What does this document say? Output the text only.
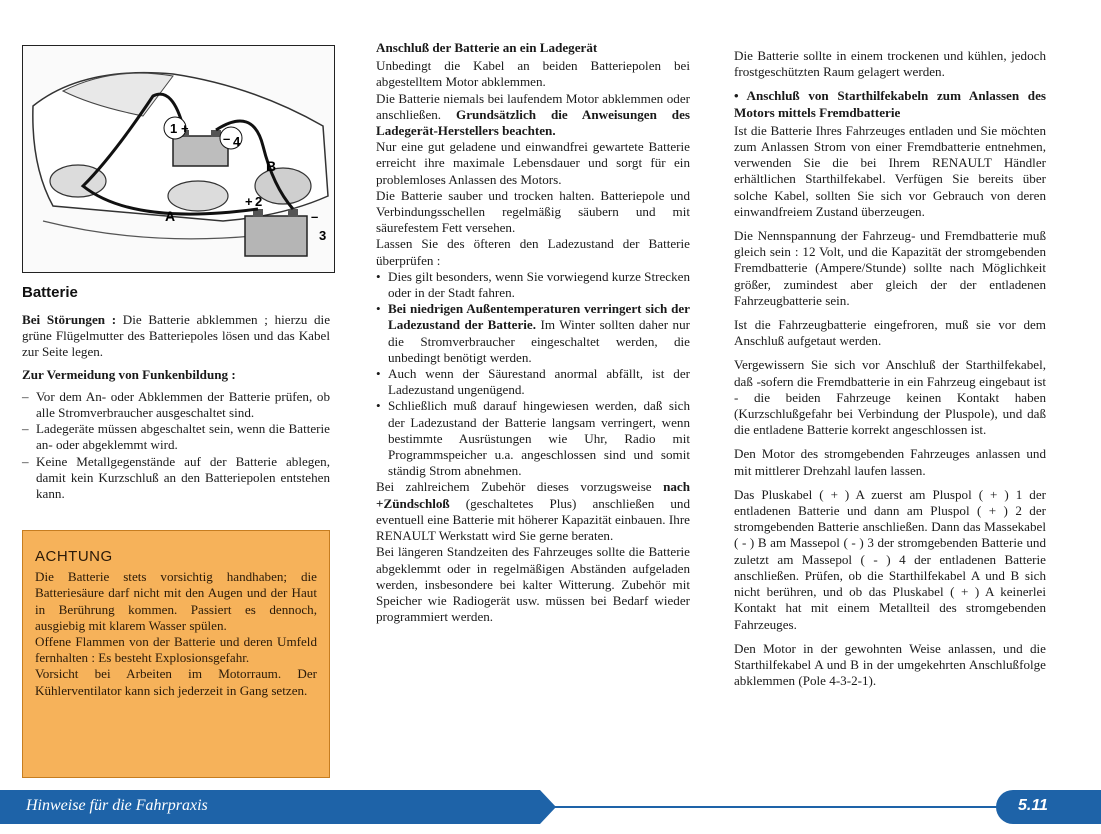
1 +
– 4
A
B
+ 2
–
3
Batterie

Bei Störungen : Die Batterie abklemmen ; hierzu die grüne Flügelmutter des Batteriepoles lösen und das Kabel zur Seite legen.

Zur Vermeidung von Funkenbildung :

– Vor dem An- oder Abklemmen der Batterie prüfen, ob alle Stromverbraucher ausgeschaltet sind.
– Ladegeräte müssen abgeschaltet sein, wenn die Batterie an- oder abgeklemmt wird.
– Keine Metallgegenstände auf der Batterie ablegen, damit kein Kurzschluß an den Batteriepolen entstehen kann.
ACHTUNG

Die Batterie stets vorsichtig handhaben; die Batteriesäure darf nicht mit den Augen und der Haut in Berührung kommen. Passiert es dennoch, ausgiebig mit klarem Wasser spülen.

Offene Flammen von der Batterie und deren Umfeld fernhalten : Es besteht Explosionsgefahr.

Vorsicht bei Arbeiten im Motorraum. Der Kühlerventilator kann sich jederzeit in Gang setzen.

Anschluß der Batterie an ein Ladegerät

Unbedingt die Kabel an beiden Batteriepolen bei abgestelltem Motor abklemmen.

Die Batterie niemals bei laufendem Motor abklemmen oder anschließen. Grundsätzlich die Anweisungen des Ladegerät-Herstellers beachten.

Nur eine gut geladene und einwandfrei gewartete Batterie erreicht ihre maximale Lebensdauer und sorgt für ein problemloses Anlassen des Motors.

Die Batterie sauber und trocken halten. Batteriepole und Verbindungsschellen regelmäßig säubern und mit säurefestem Fett versehen.

Lassen Sie des öfteren den Ladezustand der Batterie überprüfen :

• Dies gilt besonders, wenn Sie vorwiegend kurze Strecken oder in der Stadt fahren.
• Bei niedrigen Außentemperaturen verringert sich der Ladezustand der Batterie. Im Winter sollten daher nur die Stromverbraucher eingeschaltet werden, die unbedingt benötigt werden.
• Auch wenn der Säurestand anormal abfällt, ist der Ladezustand ungenügend.
• Schließlich muß darauf hingewiesen werden, daß sich der Ladezustand der Batterie langsam verringert, wenn bestimmte Ausrüstungen wie Uhr, Radio mit Programmspeicher u.a. angeschlossen sind und somit ständig Strom abnehmen.

Bei zahlreichem Zubehör dieses vorzugsweise nach +Zündschloß (geschaltetes Plus) anschließen und eventuell eine Batterie mit höherer Kapazität einbauen. Ihre RENAULT Werkstatt wird Sie gerne beraten.

Bei längeren Standzeiten des Fahrzeuges sollte die Batterie abgeklemmt oder in regelmäßigen Abständen aufgeladen werden, insbesondere bei kalter Witterung. Zubehör mit Speicher wie Radiogerät usw. müssen bei Bedarf wieder programmiert werden.

Die Batterie sollte in einem trockenen und kühlen, jedoch frostgeschützten Raum gelagert werden.

• Anschluß von Starthilfekabeln zum Anlassen des Motors mittels Fremdbatterie

Ist die Batterie Ihres Fahrzeuges entladen und Sie möchten zum Anlassen Strom von einer Fremdbatterie entnehmen, verwenden Sie die bei Ihrem RENAULT Händler erhältlichen Starthilfekabel. Verfügen Sie bereits über solche Kabel, sollten Sie sich vor Gebrauch von deren einwandfreiem Zustand überzeugen.

Die Nennspannung der Fahrzeug- und Fremdbatterie muß gleich sein : 12 Volt, und die Kapazität der stromgebenden Fremdbatterie (Ampere/Stunde) sollte nach Möglichkeit größer, zumindest aber gleich der der entladenen Fahrzeugbatterie sein.

Ist die Fahrzeugbatterie eingefroren, muß sie vor dem Anschluß aufgetaut werden.

Vergewissern Sie sich vor Anschluß der Starthilfekabel, daß -sofern die Fremdbatterie in ein Fahrzeug eingebaut ist - die beiden Fahrzeuge keinen Kontakt haben (Kurzschlußgefahr bei Verbindung der Pluspole), und daß die entladene Batterie korrekt angeschlossen ist.

Den Motor des stromgebenden Fahrzeuges anlassen und mit mittlerer Drehzahl laufen lassen.

Das Pluskabel ( + ) A zuerst am Pluspol ( + ) 1 der entladenen Batterie und dann am Pluspol ( + ) 2 der stromgebenden Batterie anschließen. Dann das Massekabel ( - ) B am Massepol ( - ) 3 der stromgebenden Batterie und zuletzt am Massepol ( - ) 4 der entladenen Batterie anschließen. Prüfen, ob die Starthilfekabel A und B sich nicht berühren, und ob das Pluskabel ( + ) A keinerlei Kontakt hat mit einem Metallteil des stromgebenden Fahrzeuges.

Den Motor in der gewohnten Weise anlassen, und die Starthilfekabel A und B in der umgekehrten Anschlußfolge abklemmen (Pole 4-3-2-1).

Hinweise für die Fahrpraxis	5.11
